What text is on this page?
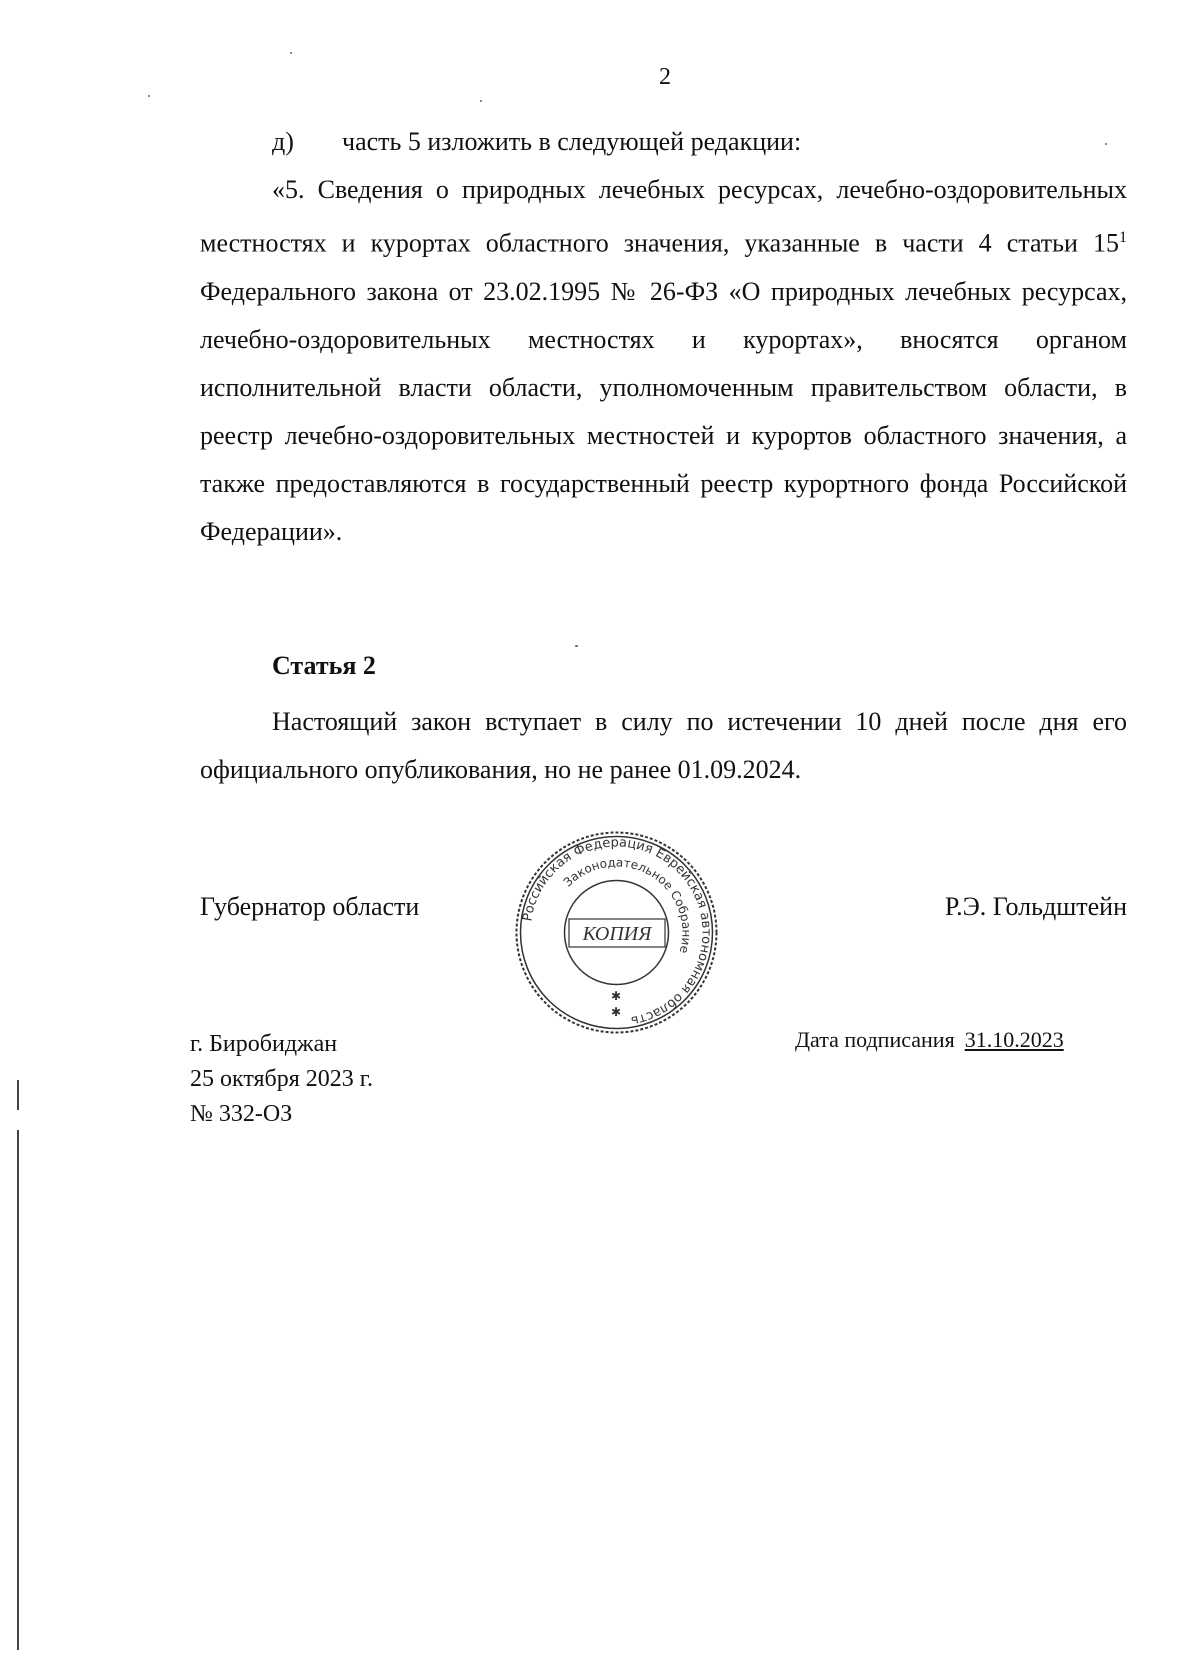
2

д) часть 5 изложить в следующей редакции:

«5. Сведения о природных лечебных ресурсах, лечебно-оздоровительных местностях и курортах областного значения, указанные в части 4 статьи $15^1$ Федерального закона от 23.02.1995 № 26-ФЗ «О природных лечебных ресурсах, лечебно-оздоровительных местностях и курортах», вносятся органом исполнительной власти области, уполномоченным правительством области, в реестр лечебно-оздоровительных местностей и курортов областного значения, а также предоставляются в государственный реестр курортного фонда Российской Федерации».

Статья 2

Настоящий закон вступает в силу по истечении 10 дней после дня его официального опубликования, но не ранее 01.09.2024.

Губернатор области	Р.Э. Гольдштейн
Российская Федерация Еврейская автономная область
Законодательное Собрание
КОПИЯ
✱
✱
г. Биробиджан
25 октября 2023 г.
№ 332-ОЗ
Дата подписания 31.10.2023
